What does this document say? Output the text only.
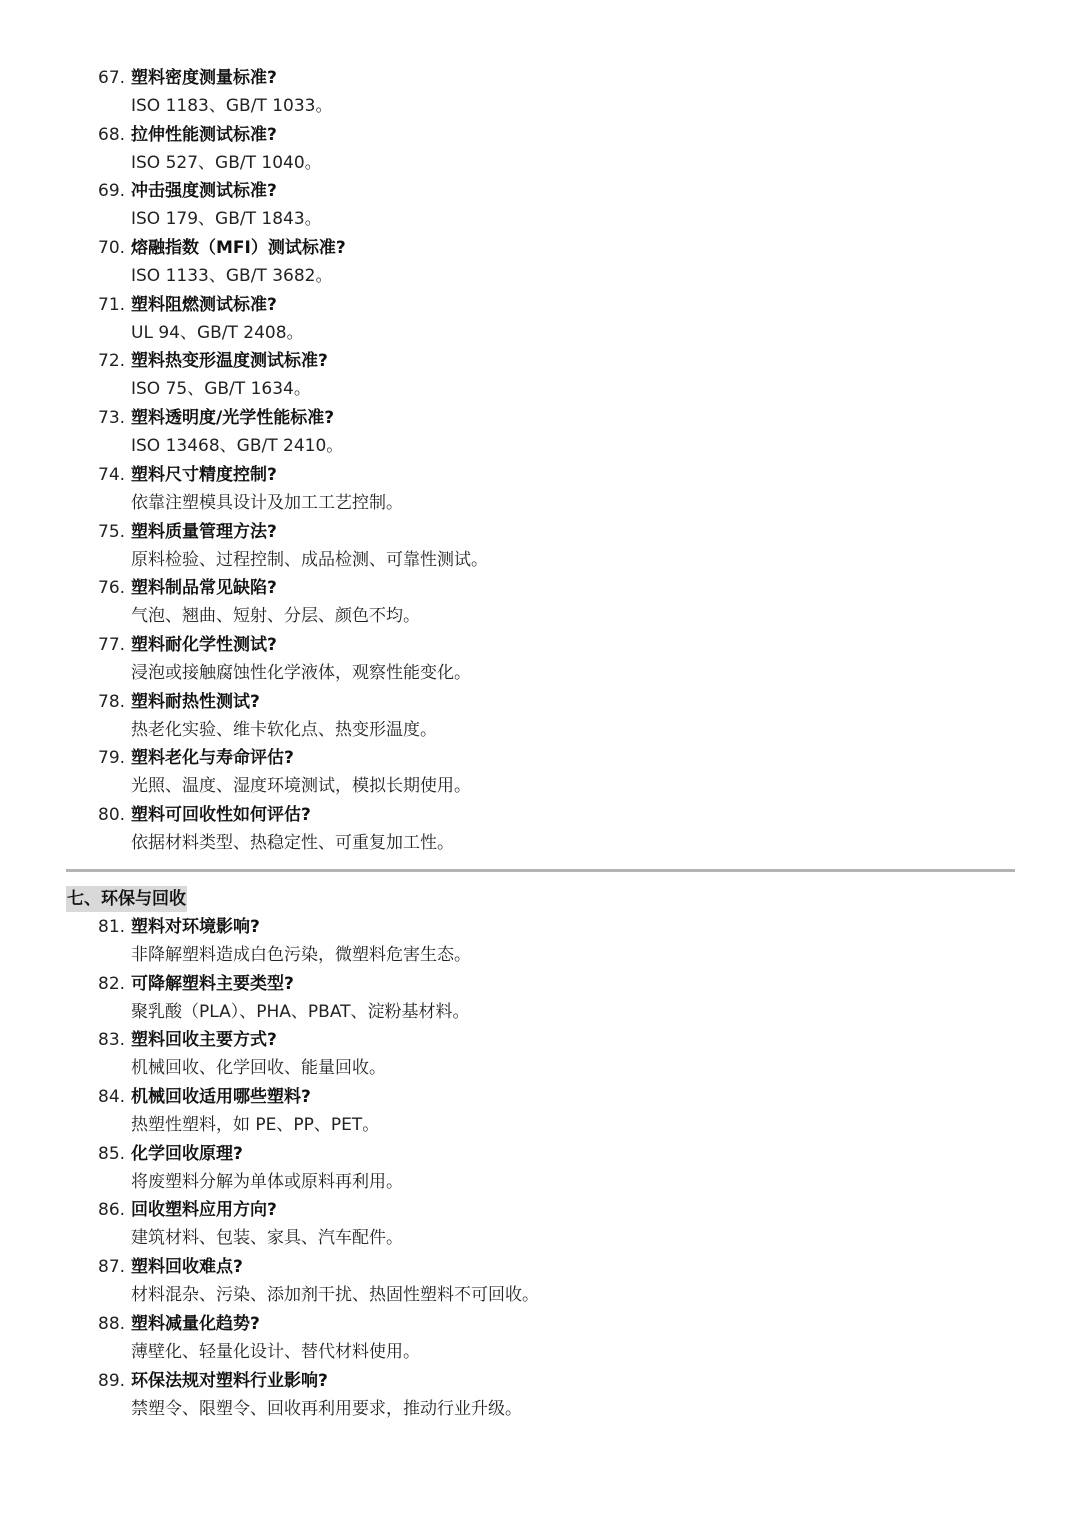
67. 塑料密度测量标准?
ISO 1183、GB/T 1033。
68. 拉伸性能测试标准?
ISO 527、GB/T 1040。
69. 冲击强度测试标准?
ISO 179、GB/T 1843。
70. 熔融指数（MFI）测试标准?
ISO 1133、GB/T 3682。
71. 塑料阻燃测试标准?
UL 94、GB/T 2408。
72. 塑料热变形温度测试标准?
ISO 75、GB/T 1634。
73. 塑料透明度/光学性能标准?
ISO 13468、GB/T 2410。
74. 塑料尺寸精度控制?
依靠注塑模具设计及加工工艺控制。
75. 塑料质量管理方法?
原料检验、过程控制、成品检测、可靠性测试。
76. 塑料制品常见缺陷?
气泡、翘曲、短射、分层、颜色不均。
77. 塑料耐化学性测试?
浸泡或接触腐蚀性化学液体，观察性能变化。
78. 塑料耐热性测试?
热老化实验、维卡软化点、热变形温度。
79. 塑料老化与寿命评估?
光照、温度、湿度环境测试，模拟长期使用。
80. 塑料可回收性如何评估?
依据材料类型、热稳定性、可重复加工性。
七、环保与回收
81. 塑料对环境影响?
非降解塑料造成白色污染，微塑料危害生态。
82. 可降解塑料主要类型?
聚乳酸（PLA）、PHA、PBAT、淀粉基材料。
83. 塑料回收主要方式?
机械回收、化学回收、能量回收。
84. 机械回收适用哪些塑料?
热塑性塑料，如 PE、PP、PET。
85. 化学回收原理?
将废塑料分解为单体或原料再利用。
86. 回收塑料应用方向?
建筑材料、包装、家具、汽车配件。
87. 塑料回收难点?
材料混杂、污染、添加剂干扰、热固性塑料不可回收。
88. 塑料减量化趋势?
薄壁化、轻量化设计、替代材料使用。
89. 环保法规对塑料行业影响?
禁塑令、限塑令、回收再利用要求，推动行业升级。
